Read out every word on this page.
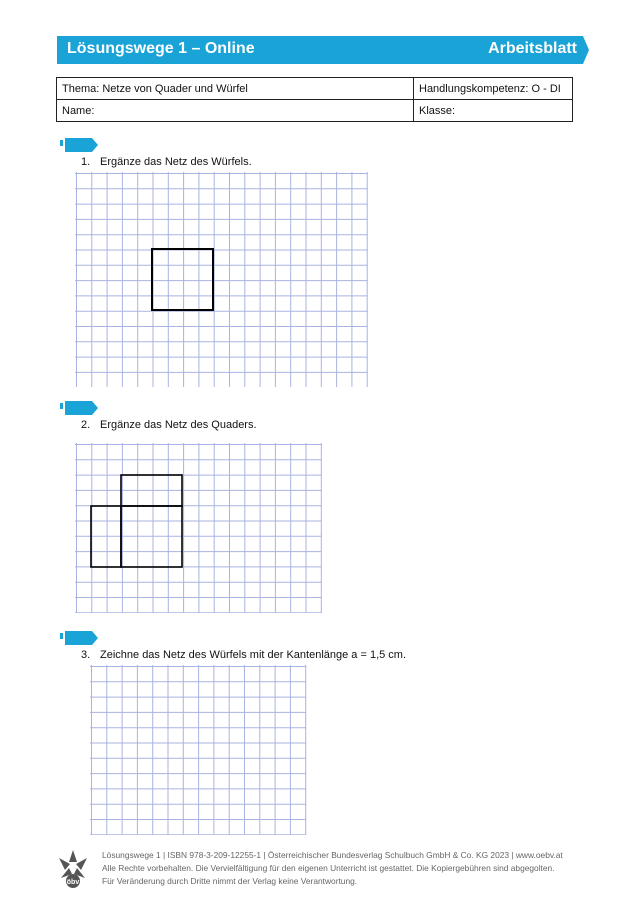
Lösungswege 1 – Online	Arbeitsblatt
Thema: Netze von Quader und Würfel	Handlungskompetenz: O - DI
Name:	Klasse:
1. Ergänze das Netz des Würfels.
2. Ergänze das Netz des Quaders.
3. Zeichne das Netz des Würfels mit der Kantenlänge a = 1,5 cm.
öbv
Lösungswege 1 | ISBN 978-3-209-12255-1 | Österreichischer Bundesverlag Schulbuch GmbH & Co. KG 2023 | www.oebv.at
Alle Rechte vorbehalten. Die Vervielfältigung für den eigenen Unterricht ist gestattet. Die Kopiergebühren sind abgegolten.
Für Veränderung durch Dritte nimmt der Verlag keine Verantwortung.
